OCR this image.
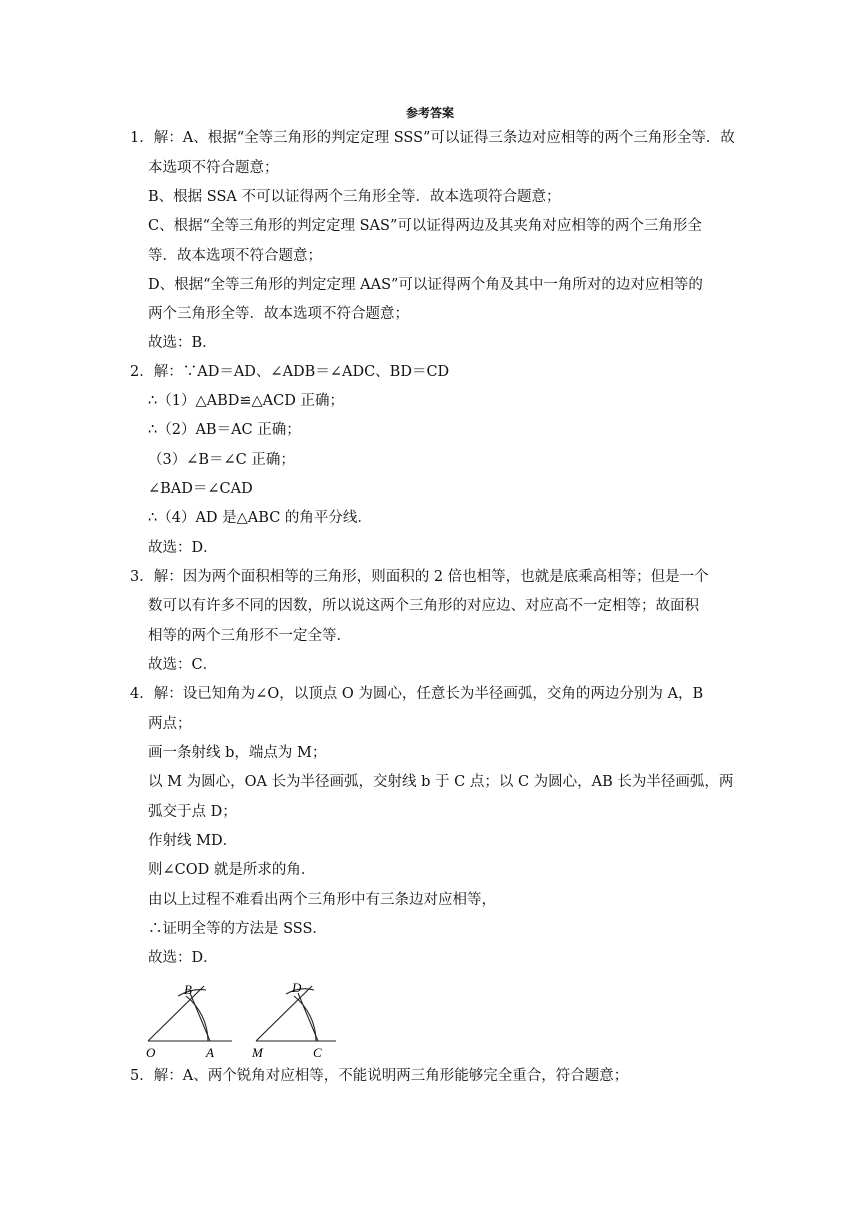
参考答案
1．解：A、根据“全等三角形的判定定理 SSS”可以证得三条边对应相等的两个三角形全等．故
本选项不符合题意；
B、根据 SSA 不可以证得两个三角形全等．故本选项符合题意；
C、根据“全等三角形的判定定理 SAS”可以证得两边及其夹角对应相等的两个三角形全
等．故本选项不符合题意；
D、根据“全等三角形的判定定理 AAS”可以证得两个角及其中一角所对的边对应相等的
两个三角形全等．故本选项不符合题意；
故选：B．
2．解：∵AD＝AD、∠ADB＝∠ADC、BD＝CD
∴（1）△ABD≌△ACD 正确；
∴（2）AB＝AC 正确；
（3）∠B＝∠C 正确；
∠BAD＝∠CAD
∴（4）AD 是△ABC 的角平分线．
故选：D．
3．解：因为两个面积相等的三角形，则面积的 2 倍也相等，也就是底乘高相等；但是一个
数可以有许多不同的因数，所以说这两个三角形的对应边、对应高不一定相等；故面积
相等的两个三角形不一定全等．
故选：C．
4．解：设已知角为∠O，以顶点 O 为圆心，任意长为半径画弧，交角的两边分别为 A，B
两点；
画一条射线 b，端点为 M；
以 M 为圆心，OA 长为半径画弧，交射线 b 于 C 点；以 C 为圆心，AB 长为半径画弧，两
弧交于点 D；
作射线 MD．
则∠COD 就是所求的角．
由以上过程不难看出两个三角形中有三条边对应相等，
∴证明全等的方法是 SSS．
故选：D．
5．解：A、两个锐角对应相等，不能说明两三角形能够完全重合，符合题意；
B
O	A
D
M	C
